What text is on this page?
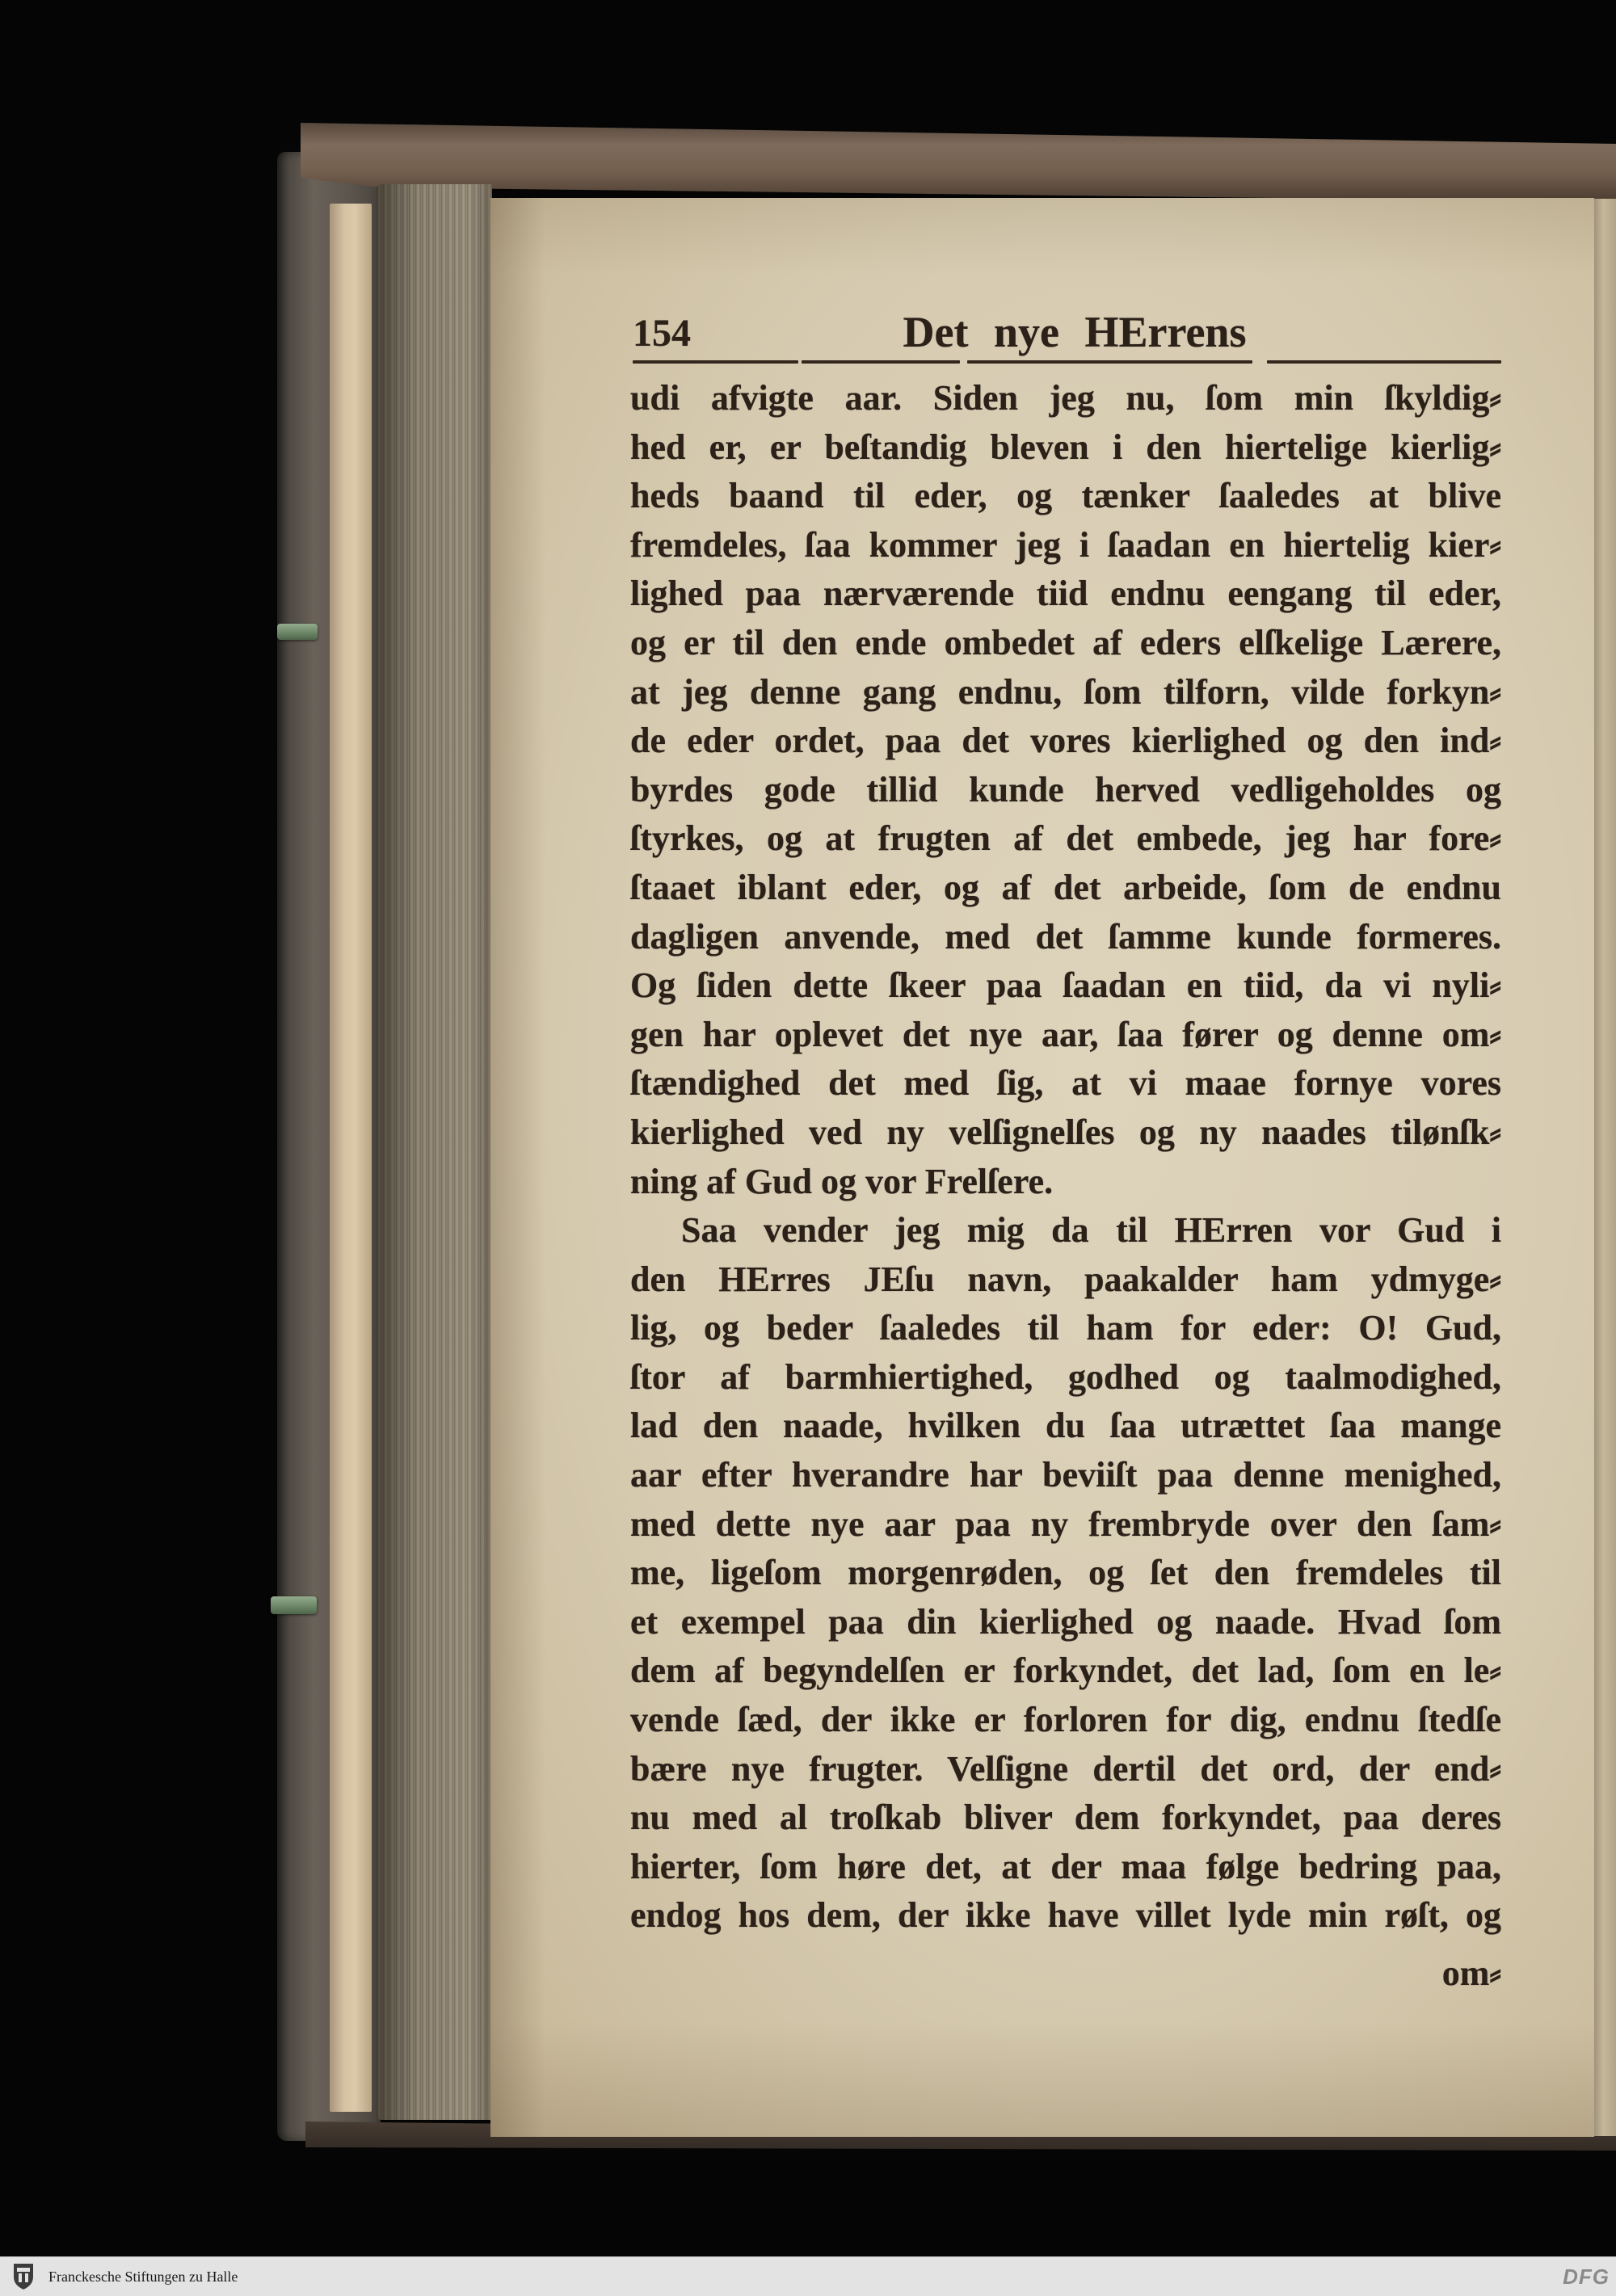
154	Det nye HErrens
udi afvigte aar. Siden jeg nu, ſom min ſkyldig⸗
hed er, er beſtandig bleven i den hiertelige kierlig⸗
heds baand til eder, og tænker ſaaledes at blive
fremdeles, ſaa kommer jeg i ſaadan en hiertelig kier⸗
lighed paa nærværende tiid endnu eengang til eder,
og er til den ende ombedet af eders elſkelige Lærere,
at jeg denne gang endnu, ſom tilforn, vilde forkyn⸗
de eder ordet, paa det vores kierlighed og den ind⸗
byrdes gode tillid kunde herved vedligeholdes og
ſtyrkes, og at frugten af det embede, jeg har fore⸗
ſtaaet iblant eder, og af det arbeide, ſom de endnu
dagligen anvende, med det ſamme kunde formeres.
Og ſiden dette ſkeer paa ſaadan en tiid, da vi nyli⸗
gen har oplevet det nye aar, ſaa fører og denne om⸗
ſtændighed det med ſig, at vi maae fornye vores
kierlighed ved ny velſignelſes og ny naades tilønſk⸗
ning af Gud og vor Frelſere.
Saa vender jeg mig da til HErren vor Gud i
den HErres JEſu navn, paakalder ham ydmyge⸗
lig, og beder ſaaledes til ham for eder: O! Gud,
ſtor af barmhiertighed, godhed og taalmodighed,
lad den naade, hvilken du ſaa utrættet ſaa mange
aar efter hverandre har beviiſt paa denne menighed,
med dette nye aar paa ny frembryde over den ſam⸗
me, ligeſom morgenrøden, og ſet den fremdeles til
et exempel paa din kierlighed og naade. Hvad ſom
dem af begyndelſen er forkyndet, det lad, ſom en le⸗
vende ſæd, der ikke er forloren for dig, endnu ſtedſe
bære nye frugter. Velſigne dertil det ord, der end⸗
nu med al troſkab bliver dem forkyndet, paa deres
hierter, ſom høre det, at der maa følge bedring paa,
endog hos dem, der ikke have villet lyde min røſt, og
om⸗
Franckesche Stiftungen zu Halle	DFG
